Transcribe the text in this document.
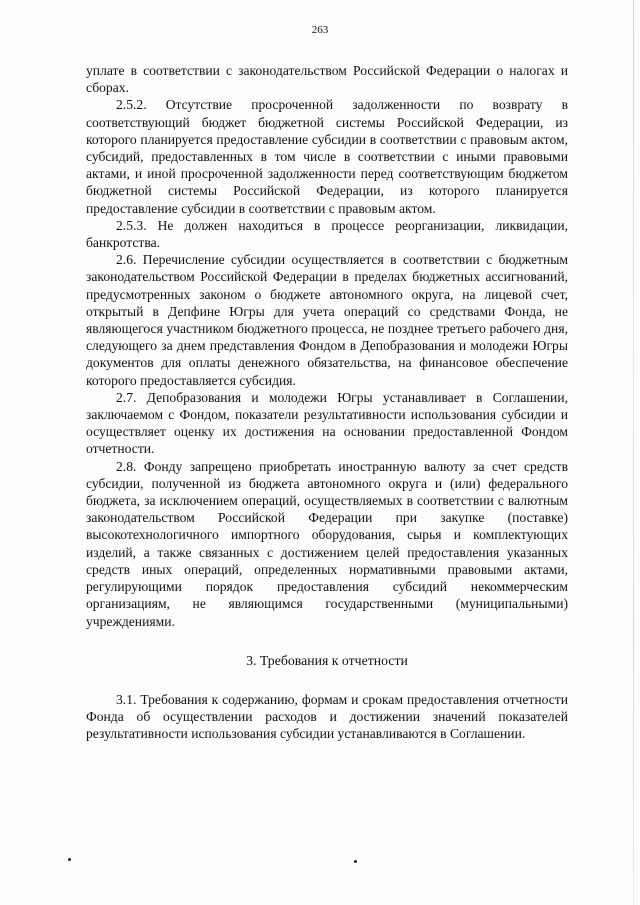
263

уплате в соответствии с законодательством Российской Федерации о налогах и сборах.

2.5.2. Отсутствие просроченной задолженности по возврату в соответствующий бюджет бюджетной системы Российской Федерации, из которого планируется предоставление субсидии в соответствии с правовым актом, субсидий, предоставленных в том числе в соответствии с иными правовыми актами, и иной просроченной задолженности перед соответствующим бюджетом бюджетной системы Российской Федерации, из которого планируется предоставление субсидии в соответствии с правовым актом.

2.5.3. Не должен находиться в процессе реорганизации, ликвидации, банкротства.

2.6. Перечисление субсидии осуществляется в соответствии с бюджетным законодательством Российской Федерации в пределах бюджетных ассигнований, предусмотренных законом о бюджете автономного округа, на лицевой счет, открытый в Депфине Югры для учета операций со средствами Фонда, не являющегося участником бюджетного процесса, не позднее третьего рабочего дня, следующего за днем представления Фондом в Депобразования и молодежи Югры документов для оплаты денежного обязательства, на финансовое обеспечение которого предоставляется субсидия.

2.7. Депобразования и молодежи Югры устанавливает в Соглашении, заключаемом с Фондом, показатели результативности использования субсидии и осуществляет оценку их достижения на основании предоставленной Фондом отчетности.

2.8. Фонду запрещено приобретать иностранную валюту за счет средств субсидии, полученной из бюджета автономного округа и (или) федерального бюджета, за исключением операций, осуществляемых в соответствии с валютным законодательством Российской Федерации при закупке (поставке) высокотехнологичного импортного оборудования, сырья и комплектующих изделий, а также связанных с достижением целей предоставления указанных средств иных операций, определенных нормативными правовыми актами, регулирующими порядок предоставления субсидий некоммерческим организациям, не являющимся государственными (муниципальными) учреждениями.

3. Требования к отчетности

3.1. Требования к содержанию, формам и срокам предоставления отчетности Фонда об осуществлении расходов и достижении значений показателей результативности использования субсидии устанавливаются в Соглашении.
